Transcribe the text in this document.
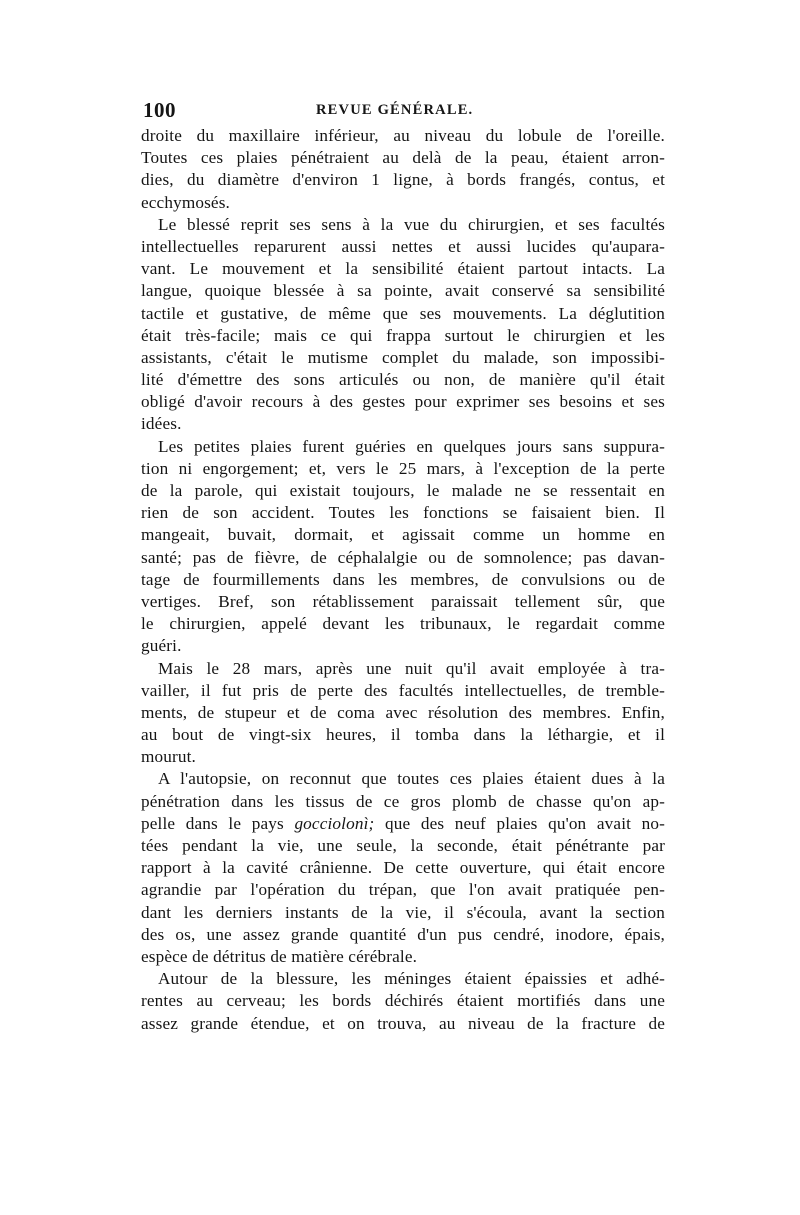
100	REVUE GÉNÉRALE.
droite du maxillaire inférieur, au niveau du lobule de l'oreille.
Toutes ces plaies pénétraient au delà de la peau, étaient arron-
dies, du diamètre d'environ 1 ligne, à bords frangés, contus, et
ecchymosés.
Le blessé reprit ses sens à la vue du chirurgien, et ses facultés
intellectuelles reparurent aussi nettes et aussi lucides qu'aupara-
vant. Le mouvement et la sensibilité étaient partout intacts. La
langue, quoique blessée à sa pointe, avait conservé sa sensibilité
tactile et gustative, de même que ses mouvements. La déglutition
était très-facile; mais ce qui frappa surtout le chirurgien et les
assistants, c'était le mutisme complet du malade, son impossibi-
lité d'émettre des sons articulés ou non, de manière qu'il était
obligé d'avoir recours à des gestes pour exprimer ses besoins et ses
idées.
Les petites plaies furent guéries en quelques jours sans suppura-
tion ni engorgement; et, vers le 25 mars, à l'exception de la perte
de la parole, qui existait toujours, le malade ne se ressentait en
rien de son accident. Toutes les fonctions se faisaient bien. Il
mangeait, buvait, dormait, et agissait comme un homme en
santé; pas de fièvre, de céphalalgie ou de somnolence; pas davan-
tage de fourmillements dans les membres, de convulsions ou de
vertiges. Bref, son rétablissement paraissait tellement sûr, que
le chirurgien, appelé devant les tribunaux, le regardait comme
guéri.
Mais le 28 mars, après une nuit qu'il avait employée à tra-
vailler, il fut pris de perte des facultés intellectuelles, de tremble-
ments, de stupeur et de coma avec résolution des membres. Enfin,
au bout de vingt-six heures, il tomba dans la léthargie, et il
mourut.
A l'autopsie, on reconnut que toutes ces plaies étaient dues à la
pénétration dans les tissus de ce gros plomb de chasse qu'on ap-
pelle dans le pays gocciolonì; que des neuf plaies qu'on avait no-
tées pendant la vie, une seule, la seconde, était pénétrante par
rapport à la cavité crânienne. De cette ouverture, qui était encore
agrandie par l'opération du trépan, que l'on avait pratiquée pen-
dant les derniers instants de la vie, il s'écoula, avant la section
des os, une assez grande quantité d'un pus cendré, inodore, épais,
espèce de détritus de matière cérébrale.
Autour de la blessure, les méninges étaient épaissies et adhé-
rentes au cerveau; les bords déchirés étaient mortifiés dans une
assez grande étendue, et on trouva, au niveau de la fracture de
